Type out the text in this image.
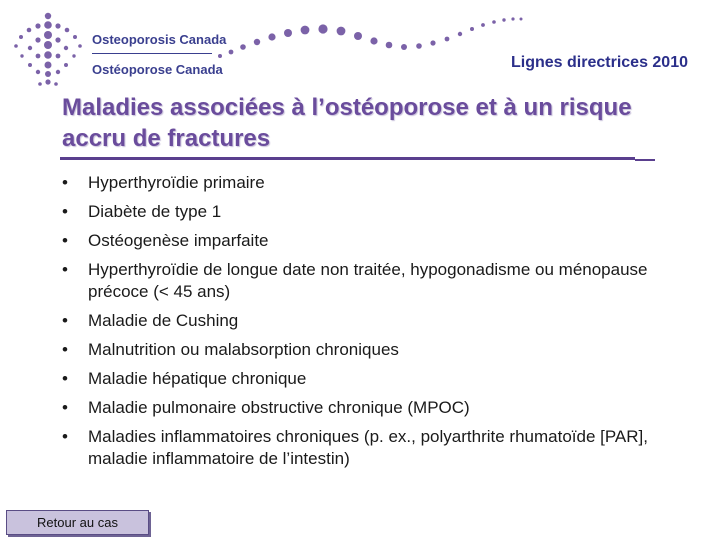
Osteoporosis Canada
Ostéoporose Canada	Lignes directrices 2010
Maladies associées à l’ostéoporose et à un risque accru de fractures
• Hyperthyroïdie primaire
• Diabète de type 1
• Ostéogenèse imparfaite
• Hyperthyroïdie de longue date non traitée, hypogonadisme ou ménopause précoce (< 45 ans)
• Maladie de Cushing
• Malnutrition ou malabsorption chroniques
• Maladie hépatique chronique
• Maladie pulmonaire obstructive chronique (MPOC)
• Maladies inflammatoires chroniques (p. ex., polyarthrite rhumatoïde [PAR], maladie inflammatoire de l’intestin)
Retour au cas
